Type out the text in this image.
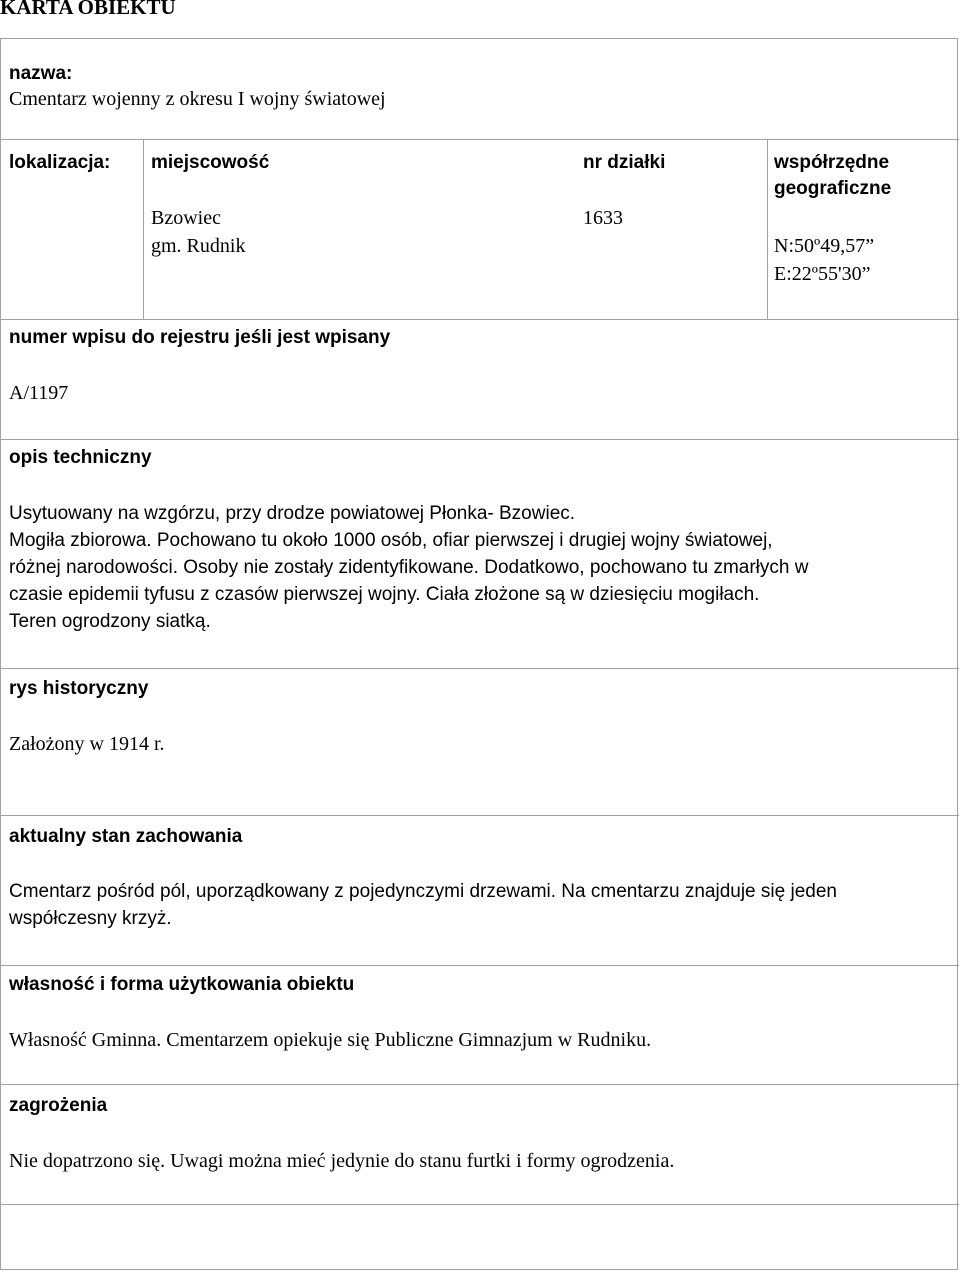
KARTA OBIEKTU
nazwa:
Cmentarz wojenny z okresu I wojny światowej
lokalizacja: miejscowość
Bzowiec
gm. Rudnik
nr działki
1633
współrzędne
geograficzne
N:50º49,57”
E:22º55'30”
numer wpisu do rejestru jeśli jest wpisany
A/1197
opis techniczny
Usytuowany na wzgórzu, przy drodze powiatowej Płonka- Bzowiec.
Mogiła zbiorowa. Pochowano tu około 1000 osób, ofiar pierwszej i drugiej wojny światowej,
różnej narodowości. Osoby nie zostały zidentyfikowane. Dodatkowo, pochowano tu zmarłych w
czasie epidemii tyfusu z czasów pierwszej wojny. Ciała złożone są w dziesięciu mogiłach.
Teren ogrodzony siatką.
rys historyczny
Założony w 1914 r.
aktualny stan zachowania
Cmentarz pośród pól, uporządkowany z pojedynczymi drzewami. Na cmentarzu znajduje się jeden
współczesny krzyż.
własność i forma użytkowania obiektu
Własność Gminna. Cmentarzem opiekuje się Publiczne Gimnazjum w Rudniku.
zagrożenia
Nie dopatrzono się. Uwagi można mieć jedynie do stanu furtki i formy ogrodzenia.
